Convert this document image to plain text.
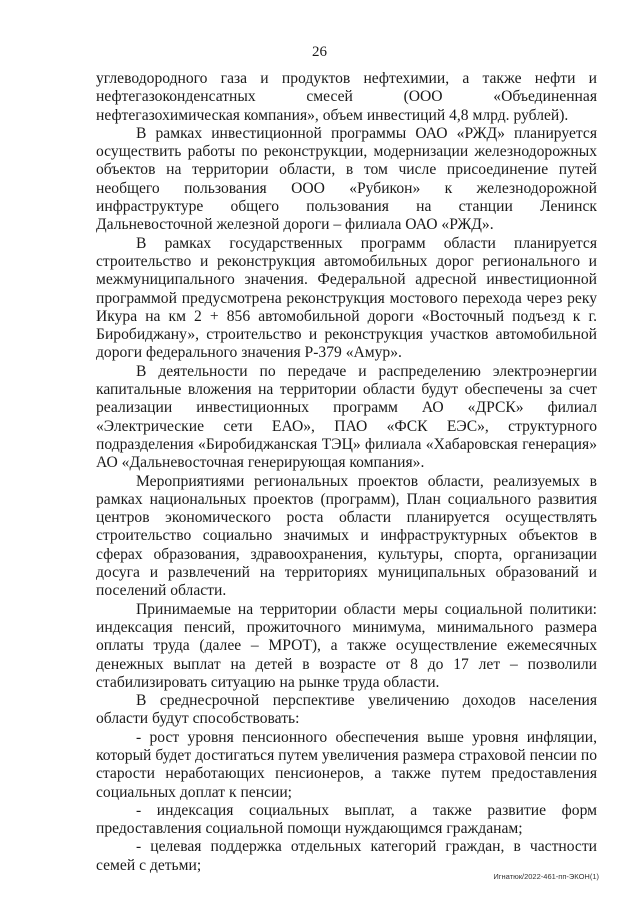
26

углеводородного газа и продуктов нефтехимии, а также нефти и нефтегазоконденсатных смесей (ООО «Объединенная нефтегазохимическая компания», объем инвестиций 4,8 млрд. рублей).

В рамках инвестиционной программы ОАО «РЖД» планируется осуществить работы по реконструкции, модернизации железнодорожных объектов на территории области, в том числе присоединение путей необщего пользования ООО «Рубикон» к железнодорожной инфраструктуре общего пользования на станции Ленинск Дальневосточной железной дороги – филиала ОАО «РЖД».

В рамках государственных программ области планируется строительство и реконструкция автомобильных дорог регионального и межмуниципального значения. Федеральной адресной инвестиционной программой предусмотрена реконструкция мостового перехода через реку Икура на км 2 + 856 автомобильной дороги «Восточный подъезд к г. Биробиджану», строительство и реконструкция участков автомобильной дороги федерального значения Р-379 «Амур».

В деятельности по передаче и распределению электроэнергии капитальные вложения на территории области будут обеспечены за счет реализации инвестиционных программ АО «ДРСК» филиал «Электрические сети ЕАО», ПАО «ФСК ЕЭС», структурного подразделения «Биробиджанская ТЭЦ» филиала «Хабаровская генерация» АО «Дальневосточная генерирующая компания».

Мероприятиями региональных проектов области, реализуемых в рамках национальных проектов (программ), План социального развития центров экономического роста области планируется осуществлять строительство социально значимых и инфраструктурных объектов в сферах образования, здравоохранения, культуры, спорта, организации досуга и развлечений на территориях муниципальных образований и поселений области.

Принимаемые на территории области меры социальной политики: индексация пенсий, прожиточного минимума, минимального размера оплаты труда (далее – МРОТ), а также осуществление ежемесячных денежных выплат на детей в возрасте от 8 до 17 лет – позволили стабилизировать ситуацию на рынке труда области.

В среднесрочной перспективе увеличению доходов населения области будут способствовать:

- рост уровня пенсионного обеспечения выше уровня инфляции, который будет достигаться путем увеличения размера страховой пенсии по старости неработающих пенсионеров, а также путем предоставления социальных доплат к пенсии;

- индексация социальных выплат, а также развитие форм предоставления социальной помощи нуждающимся гражданам;

- целевая поддержка отдельных категорий граждан, в частности семей с детьми;

Игнатюк/2022-461-пп-ЭКОН(1)
